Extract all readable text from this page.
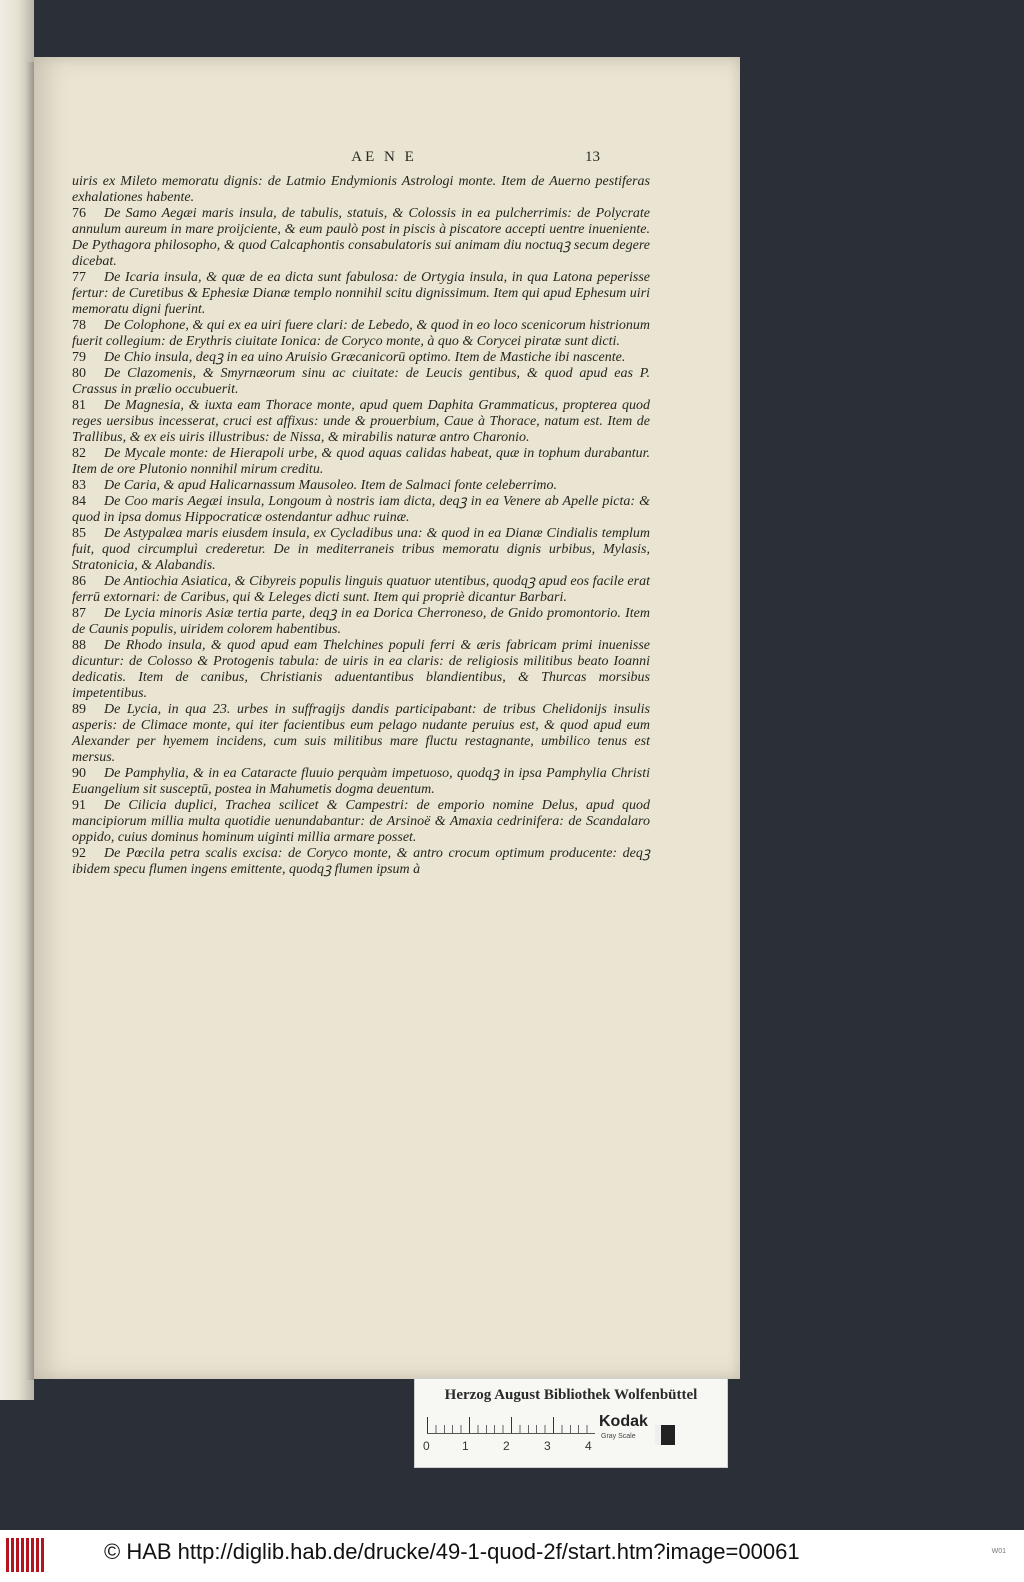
AE N E	13

uiris ex Mileto memoratu dignis: de Latmio Endymionis Astrologi monte. Item de Auerno pestiferas exhalationes habente.

76 De Samo Aegæi maris insula, de tabulis, statuis, & Colossis in ea pulcherrimis: de Polycrate annulum aureum in mare proijciente, & eum paulò post in piscis à piscatore accepti uentre inueniente. De Pythagora philosopho, & quod Calcaphontis consabulatoris sui animam diu noctuqꝫ secum degere dicebat.

77 De Icaria insula, & quæ de ea dicta sunt fabulosa: de Ortygia insula, in qua Latona peperisse fertur: de Curetibus & Ephesiæ Dianæ templo nonnihil scitu dignissimum. Item qui apud Ephesum uiri memoratu digni fuerint.

78 De Colophone, & qui ex ea uiri fuere clari: de Lebedo, & quod in eo loco scenicorum histrionum fuerit collegium: de Erythris ciuitate Ionica: de Coryco monte, à quo & Corycei piratæ sunt dicti.

79 De Chio insula, deqꝫ in ea uino Aruisio Græcanicorū optimo. Item de Mastiche ibi nascente.

80 De Clazomenis, & Smyrnæorum sinu ac ciuitate: de Leucis gentibus, & quod apud eas P. Crassus in prælio occubuerit.

81 De Magnesia, & iuxta eam Thorace monte, apud quem Daphita Grammaticus, propterea quod reges uersibus incesserat, cruci est affixus: unde & prouerbium, Caue à Thorace, natum est. Item de Trallibus, & ex eis uiris illustribus: de Nissa, & mirabilis naturæ antro Charonio.

82 De Mycale monte: de Hierapoli urbe, & quod aquas calidas habeat, quæ in tophum durabantur. Item de ore Plutonio nonnihil mirum creditu.

83 De Caria, & apud Halicarnassum Mausoleo. Item de Salmaci fonte celeberrimo.

84 De Coo maris Aegæi insula, Longoum à nostris iam dicta, deqꝫ in ea Venere ab Apelle picta: & quod in ipsa domus Hippocraticæ ostendantur adhuc ruinæ.

85 De Astypalæa maris eiusdem insula, ex Cycladibus una: & quod in ea Dianæ Cindialis templum fuit, quod circumpluì crederetur. De in mediterraneis tribus memoratu dignis urbibus, Mylasis, Stratonicia, & Alabandis.

86 De Antiochia Asiatica, & Cibyreis populis linguis quatuor utentibus, quodqꝫ apud eos facile erat ferrū extornari: de Caribus, qui & Leleges dicti sunt. Item qui propriè dicantur Barbari.

87 De Lycia minoris Asiæ tertia parte, deqꝫ in ea Dorica Cherroneso, de Gnido promontorio. Item de Caunis populis, uiridem colorem habentibus.

88 De Rhodo insula, & quod apud eam Thelchines populi ferri & æris fabricam primi inuenisse dicuntur: de Colosso & Protogenis tabula: de uiris in ea claris: de religiosis militibus beato Ioanni dedicatis. Item de canibus, Christianis aduentantibus blandientibus, & Thurcas morsibus impetentibus.

89 De Lycia, in qua 23. urbes in suffragijs dandis participabant: de tribus Chelidonijs insulis asperis: de Climace monte, qui iter facientibus eum pelago nudante peruius est, & quod apud eum Alexander per hyemem incidens, cum suis militibus mare fluctu restagnante, umbilico tenus est mersus.

90 De Pamphylia, & in ea Cataracte fluuio perquàm impetuoso, quodqꝫ in ipsa Pamphylia Christi Euangelium sit susceptū, postea in Mahumetis dogma deuentum.

91 De Cilicia duplici, Trachea scilicet & Campestri: de emporio nomine Delus, apud quod mancipiorum millia multa quotidie uenundabantur: de Arsinoë & Amaxia cedrinifera: de Scandalaro oppido, cuius dominus hominum uiginti millia armare posset.

92 De Pœcila petra scalis excisa: de Coryco monte, & antro crocum optimum producente: deqꝫ ibidem specu flumen ingens emittente, quodqꝫ flumen ipsum à

Herzog August Bibliothek Wolfenbüttel
0	1	2	3	4
Kodak
Gray Scale
© HAB http://diglib.hab.de/drucke/49-1-quod-2f/start.htm?image=00061	W01
